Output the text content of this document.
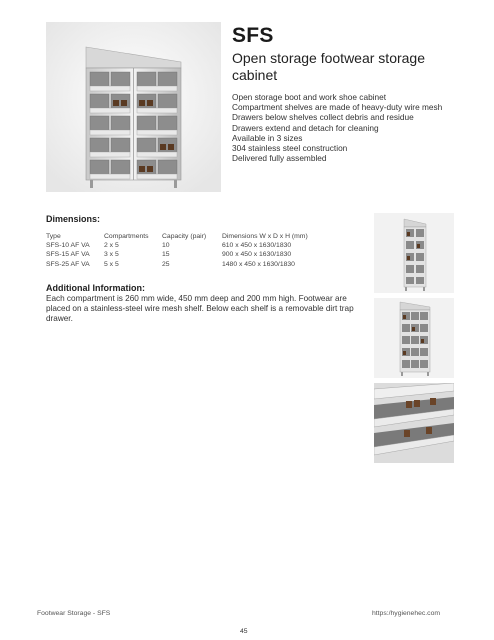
SFS
Open storage footwear storage cabinet
Open storage boot and work shoe cabinet
Compartment shelves are made of heavy-duty wire mesh
Drawers below shelves collect debris and residue
Drawers extend and detach for cleaning
Available in 3 sizes
304 stainless steel construction
Delivered fully assembled
Dimensions:
Type	Compartments	Capacity (pair)	Dimensions W x D x H (mm)
SFS-10 AF VA	2 x 5	10	610 x 450 x 1630/1830
SFS-15 AF VA	3 x 5	15	900 x 450 x 1630/1830
SFS-25 AF VA	5 x 5	25	1480 x 450 x 1630/1830
Additional Information:
Each compartment is 260 mm wide, 450 mm deep and 200 mm high. Footwear are placed on a stainless-steel wire mesh shelf. Below each shelf is a removable dirt trap drawer.
Footwear Storage - SFS	https:/hygienehec.com
45
